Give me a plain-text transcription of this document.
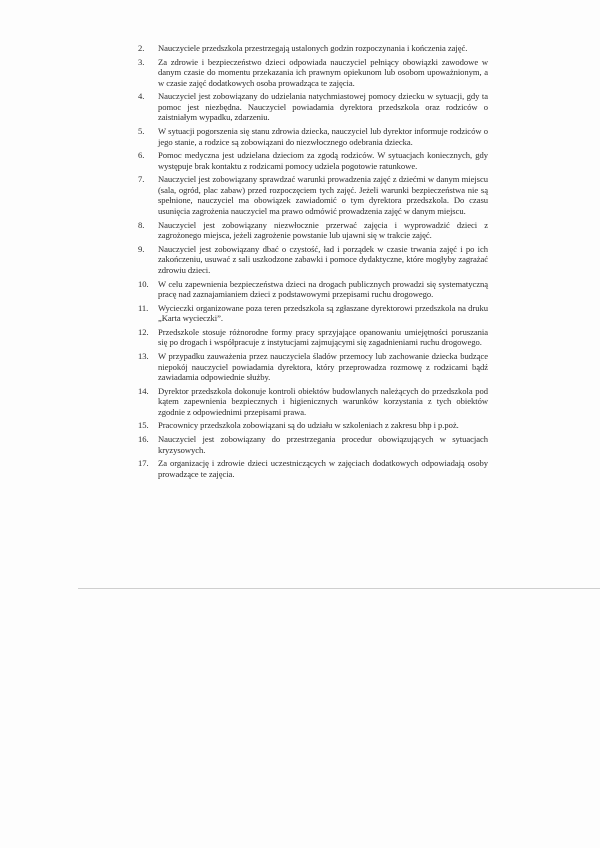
2.	Nauczyciele przedszkola przestrzegają ustalonych godzin rozpoczynania i kończenia zajęć.
3.	Za zdrowie i bezpieczeństwo dzieci odpowiada nauczyciel pełniący obowiązki zawodowe w danym czasie do momentu przekazania ich prawnym opiekunom lub osobom upoważnionym, a w czasie zajęć dodatkowych osoba prowadząca te zajęcia.
4.	Nauczyciel jest zobowiązany do udzielania natychmiastowej pomocy dziecku w sytuacji, gdy ta pomoc jest niezbędna. Nauczyciel powiadamia dyrektora przedszkola oraz rodziców o zaistniałym wypadku, zdarzeniu.
5.	W sytuacji pogorszenia się stanu zdrowia dziecka, nauczyciel lub dyrektor informuje rodziców o jego stanie, a rodzice są zobowiązani do niezwłocznego odebrania dziecka.
6.	Pomoc medyczna jest udzielana dzieciom za zgodą rodziców. W sytuacjach koniecznych, gdy występuje brak kontaktu z rodzicami pomocy udziela pogotowie ratunkowe.
7.	Nauczyciel jest zobowiązany sprawdzać warunki prowadzenia zajęć z dziećmi w danym miejscu (sala, ogród, plac zabaw) przed rozpoczęciem tych zajęć. Jeżeli warunki bezpieczeństwa nie są spełnione, nauczyciel ma obowiązek zawiadomić o tym dyrektora przedszkola. Do czasu usunięcia zagrożenia nauczyciel ma prawo odmówić prowadzenia zajęć w danym miejscu.
8.	Nauczyciel jest zobowiązany niezwłocznie przerwać zajęcia i wyprowadzić dzieci z zagrożonego miejsca, jeżeli zagrożenie powstanie lub ujawni się w trakcie zajęć.
9.	Nauczyciel jest zobowiązany dbać o czystość, ład i porządek w czasie trwania zajęć i po ich zakończeniu, usuwać z sali uszkodzone zabawki i pomoce dydaktyczne, które mogłyby zagrażać zdrowiu dzieci.
10.	W celu zapewnienia bezpieczeństwa dzieci na drogach publicznych prowadzi się systematyczną pracę nad zaznajamianiem dzieci z podstawowymi przepisami ruchu drogowego.
11.	Wycieczki organizowane poza teren przedszkola są zgłaszane dyrektorowi przedszkola na druku „Karta wycieczki”.
12.	Przedszkole stosuje różnorodne formy pracy sprzyjające opanowaniu umiejętności poruszania się po drogach i współpracuje z instytucjami zajmującymi się zagadnieniami ruchu drogowego.
13.	W przypadku zauważenia przez nauczyciela śladów przemocy lub zachowanie dziecka budzące niepokój nauczyciel powiadamia dyrektora, który przeprowadza rozmowę z rodzicami bądź zawiadamia odpowiednie służby.
14.	Dyrektor przedszkola dokonuje kontroli obiektów budowlanych należących do przedszkola pod kątem zapewnienia bezpiecznych i higienicznych warunków korzystania z tych obiektów zgodnie z odpowiednimi przepisami prawa.
15.	Pracownicy przedszkola zobowiązani są do udziału w szkoleniach z zakresu bhp i p.poż.
16.	Nauczyciel jest zobowiązany do przestrzegania procedur obowiązujących w sytuacjach kryzysowych.
17.	Za organizację i zdrowie dzieci uczestniczących w zajęciach dodatkowych odpowiadają osoby prowadzące te zajęcia.
